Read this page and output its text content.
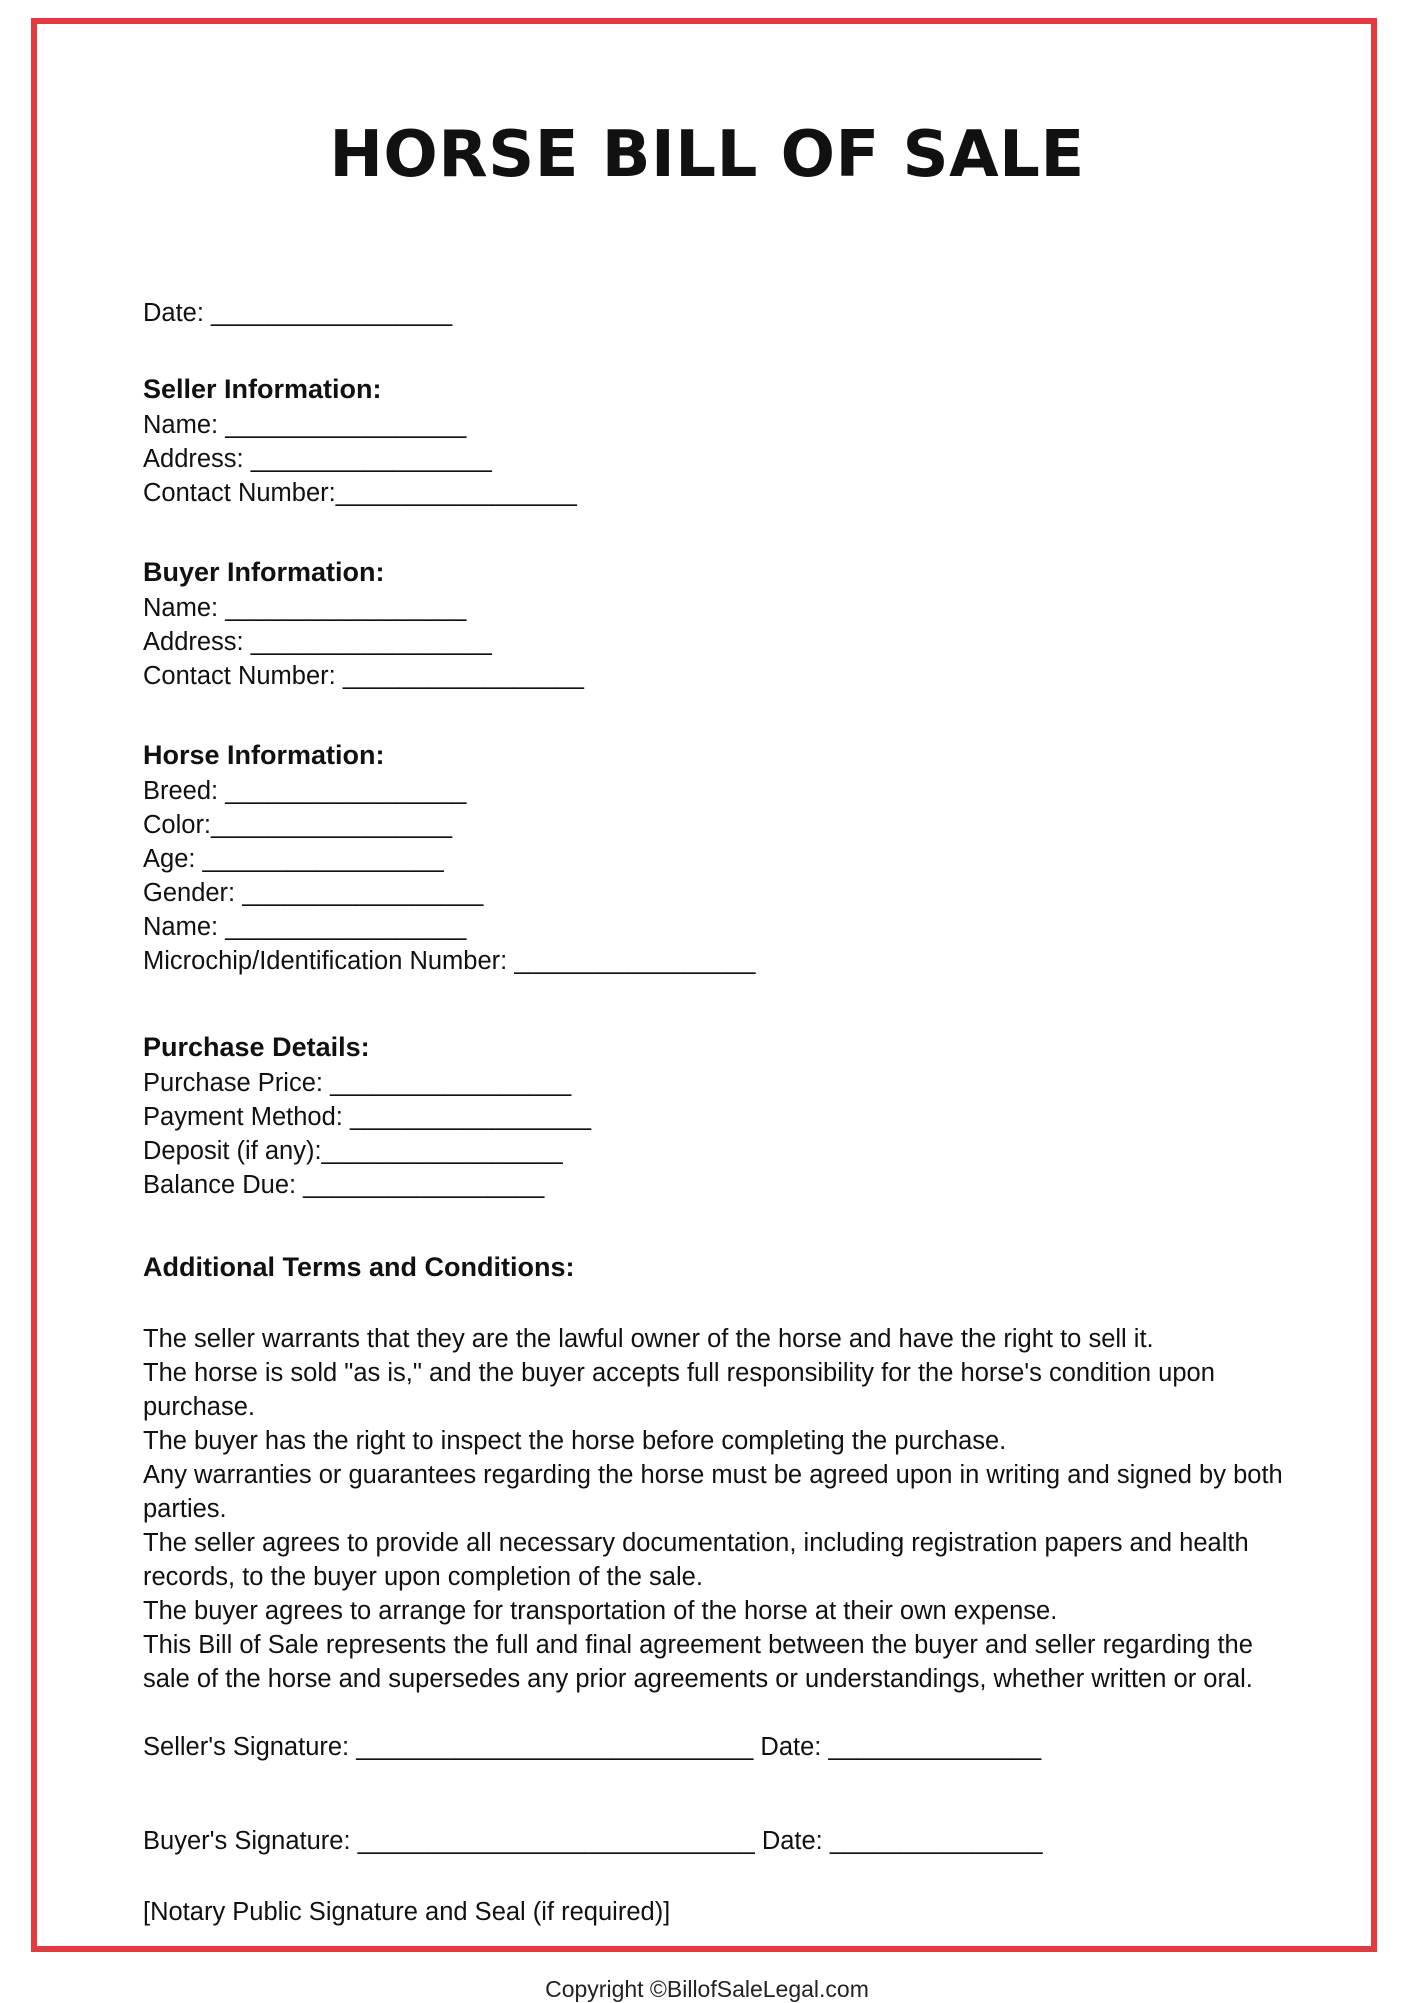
HORSE BILL OF SALE
Date: _________________
Seller Information:
Name: _________________
Address: _________________
Contact Number:_________________
Buyer Information:
Name: _________________
Address: _________________
Contact Number: _________________
Horse Information:
Breed: _________________
Color:_________________
Age: _________________
Gender: _________________
Name: _________________
Microchip/Identification Number: _________________
Purchase Details:
Purchase Price: _________________
Payment Method: _________________
Deposit (if any):_________________
Balance Due: _________________
Additional Terms and Conditions:
The seller warrants that they are the lawful owner of the horse and have the right to sell it.
The horse is sold "as is," and the buyer accepts full responsibility for the horse's condition upon purchase.
The buyer has the right to inspect the horse before completing the purchase.
Any warranties or guarantees regarding the horse must be agreed upon in writing and signed by both parties.
The seller agrees to provide all necessary documentation, including registration papers and health records, to the buyer upon completion of the sale.
The buyer agrees to arrange for transportation of the horse at their own expense.
This Bill of Sale represents the full and final agreement between the buyer and seller regarding the sale of the horse and supersedes any prior agreements or understandings, whether written or oral.
Seller's Signature: ____________________________ Date: _______________
Buyer's Signature: ____________________________ Date: _______________
[Notary Public Signature and Seal (if required)]
Copyright ©BillofSaleLegal.com
